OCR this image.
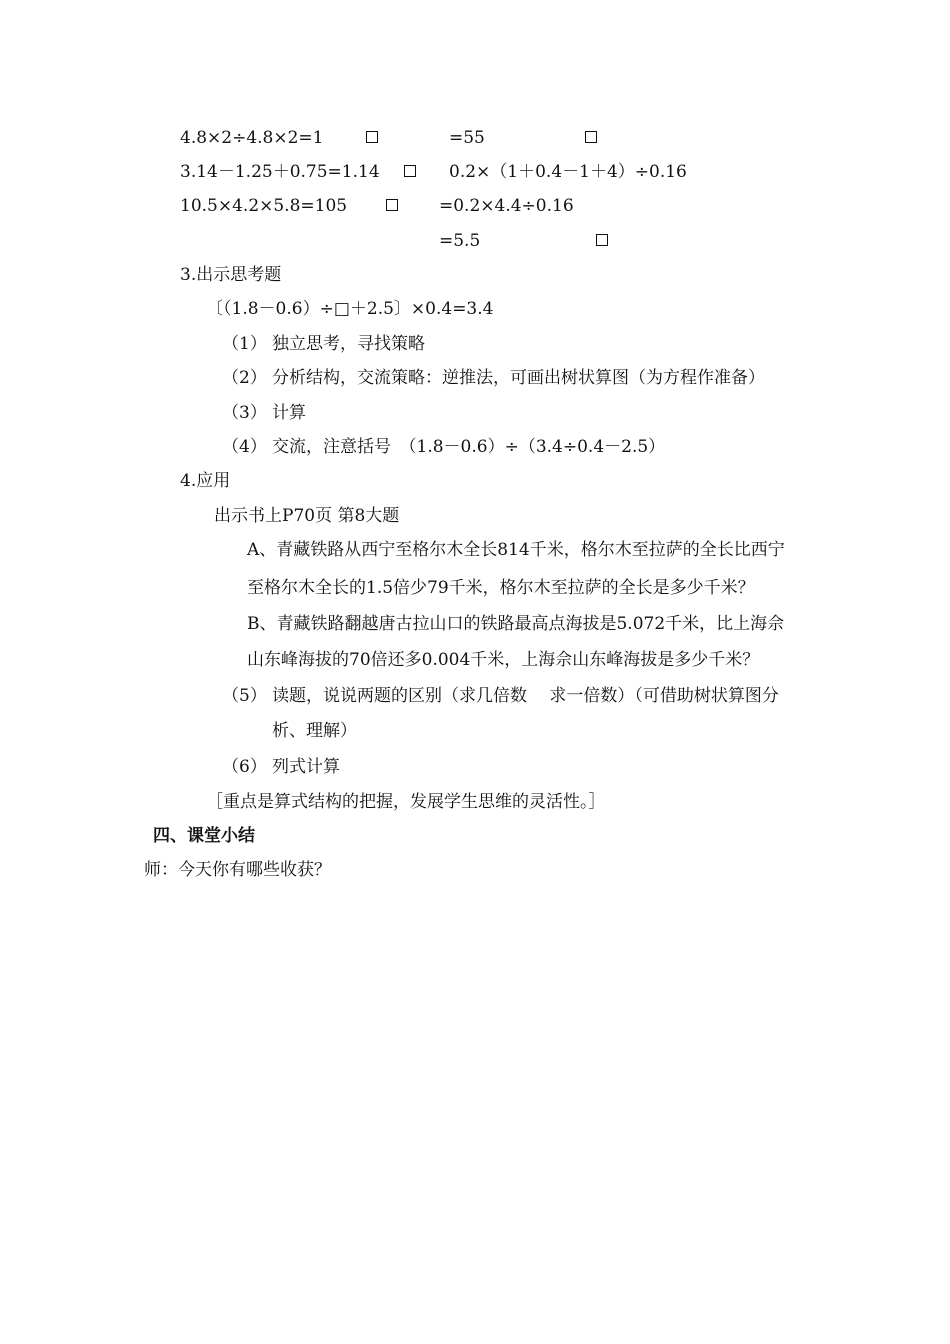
4.8×2÷4.8×2=1	=55
3.14－1.25＋0.75=1.14	0.2×（1＋0.4－1＋4）÷0.16
10.5×4.2×5.8=105	=0.2×4.4÷0.16
=5.5
3.出示思考题
〔（1.8－0.6）÷□＋2.5〕×0.4=3.4
（1） 独立思考，寻找策略
（2） 分析结构，交流策略：逆推法，可画出树状算图（为方程作准备）
（3） 计算
（4） 交流，注意括号　（1.8－0.6）÷（3.4÷0.4－2.5）
4.应用
出示书上P70页 第8大题
A、青藏铁路从西宁至格尔木全长814千米，格尔木至拉萨的全长比西宁
至格尔木全长的1.5倍少79千米，格尔木至拉萨的全长是多少千米？
B、青藏铁路翻越唐古拉山口的铁路最高点海拔是5.072千米，比上海佘
山东峰海拔的70倍还多0.004千米，上海佘山东峰海拔是多少千米？
（5） 读题，说说两题的区别（求几倍数　 求一倍数）（可借助树状算图分
析、理解）
（6） 列式计算
［重点是算式结构的把握，发展学生思维的灵活性。］
四、课堂小结
师：今天你有哪些收获？
